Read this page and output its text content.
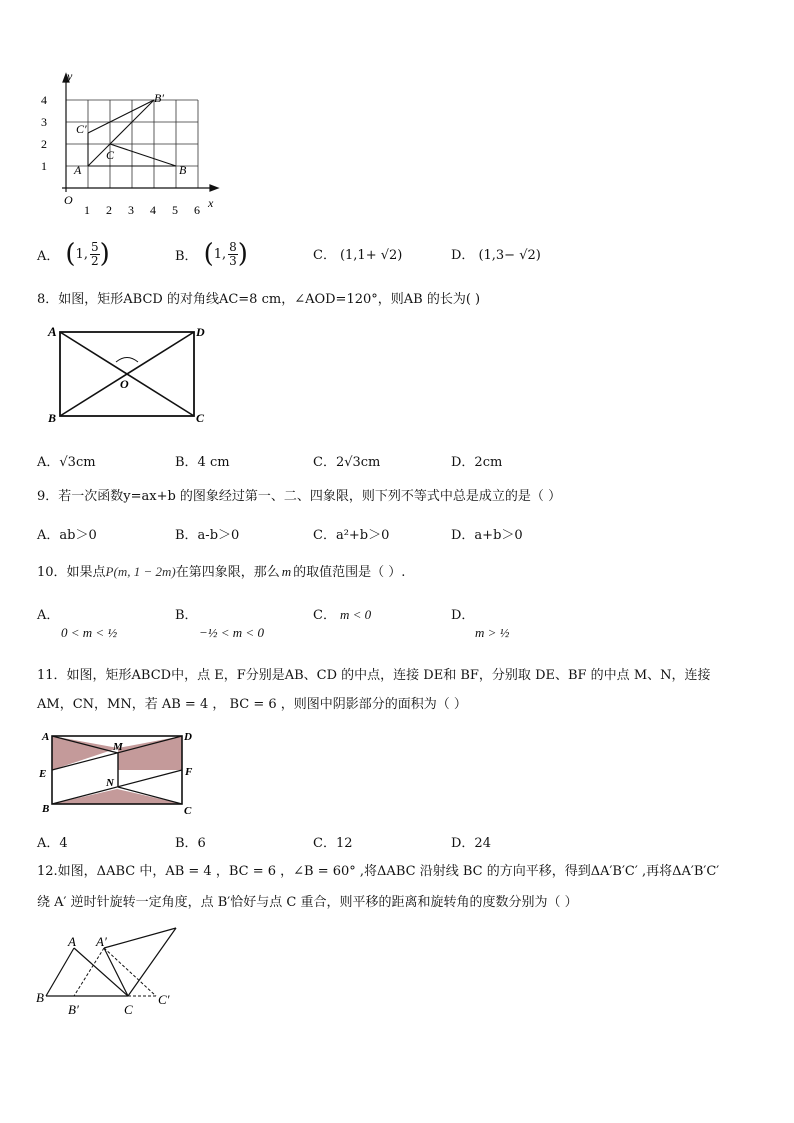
y
x
O
1 2 3 4 5 6
1
2
3
4
A	B
C
B′
C′
A． ( 1, 5
2 )	B． ( 1, 8
3 )	C． (1,1+ √2)	D． (1,3− √2)
8．如图，矩形ABCD 的对角线AC=8 cm，∠AOD=120°，则AB 的长为( )
A	D
B	C
O
A．√3cm	B．4 cm	C．2√3cm	D．2cm
9．若一次函数y=ax+b 的图象经过第一、二、四象限，则下列不等式中总是成立的是（ ）
A．ab＞0	B．a-b＞0	C．a²+b＞0	D．a+b＞0
10．如果点P(m, 1 − 2m)在第四象限，那么 m 的取值范围是（ ）.
A．
0 < m < ½
B．
−½ < m < 0
C． m < 0	D．
m > ½
11．如图，矩形ABCD中，点 E，F分别是AB、CD 的中点，连接 DE和 BF，分别取 DE、BF 的中点 M、N，连接
AM，CN，MN，若 AB = 4 ， BC = 6 ，则图中阴影部分的面积为（ ）
A	D
E	F
B	C
M
N
A．4	B．6	C．12	D．24
12.如图，ΔABC 中，AB = 4 ，BC = 6 ，∠B = 60° ,将ΔABC 沿射线 BC 的方向平移，得到ΔA′B′C′ ,再将ΔA′B′C′
绕 A′ 逆时针旋转一定角度，点 B′恰好与点 C 重合，则平移的距离和旋转角的度数分别为（ ）
A A′
B
B′	C
C′
